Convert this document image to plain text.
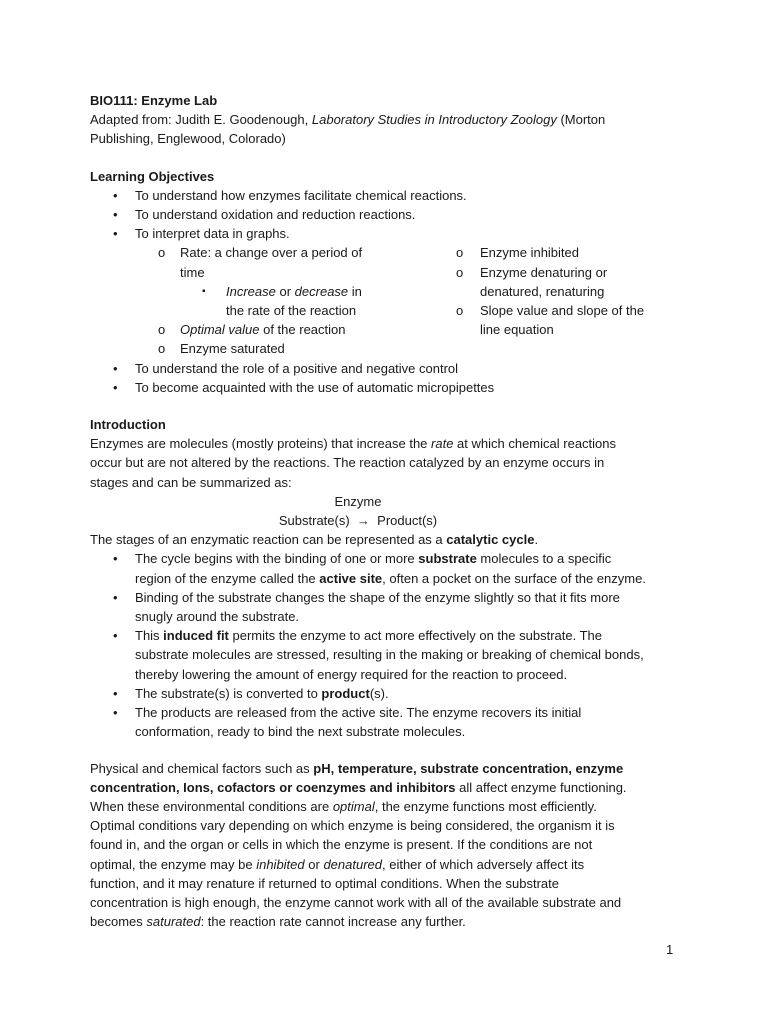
BIO111: Enzyme Lab

Adapted from: Judith E. Goodenough, Laboratory Studies in Introductory Zoology (Morton

Publishing, Englewood, Colorado)

Learning Objectives
• To understand how enzymes facilitate chemical reactions.
• To understand oxidation and reduction reactions.
• To interpret data in graphs.
o Rate: a change over a period of
time
▪ Increase or decrease in
the rate of the reaction
o Optimal value of the reaction
o Enzyme saturated
o Enzyme inhibited
o Enzyme denaturing or
denatured, renaturing
o Slope value and slope of the
line equation
• To understand the role of a positive and negative control
• To become acquainted with the use of automatic micropipettes
Introduction

Enzymes are molecules (mostly proteins) that increase the rate at which chemical reactions

occur but are not altered by the reactions. The reaction catalyzed by an enzyme occurs in

stages and can be summarized as:

Enzyme
Substrate(s) → Product(s)

The stages of an enzymatic reaction can be represented as a catalytic cycle.

• The cycle begins with the binding of one or more substrate molecules to a specific
region of the enzyme called the active site, often a pocket on the surface of the enzyme.
• Binding of the substrate changes the shape of the enzyme slightly so that it fits more
snugly around the substrate.
• This induced fit permits the enzyme to act more effectively on the substrate. The
substrate molecules are stressed, resulting in the making or breaking of chemical bonds,
thereby lowering the amount of energy required for the reaction to proceed.
• The substrate(s) is converted to product(s).
• The products are released from the active site. The enzyme recovers its initial
conformation, ready to bind the next substrate molecules.

Physical and chemical factors such as pH, temperature, substrate concentration, enzyme

concentration, Ions, cofactors or coenzymes and inhibitors all affect enzyme functioning.

When these environmental conditions are optimal, the enzyme functions most efficiently.

Optimal conditions vary depending on which enzyme is being considered, the organism it is

found in, and the organ or cells in which the enzyme is present. If the conditions are not

optimal, the enzyme may be inhibited or denatured, either of which adversely affect its

function, and it may renature if returned to optimal conditions. When the substrate

concentration is high enough, the enzyme cannot work with all of the available substrate and

becomes saturated: the reaction rate cannot increase any further.

1
